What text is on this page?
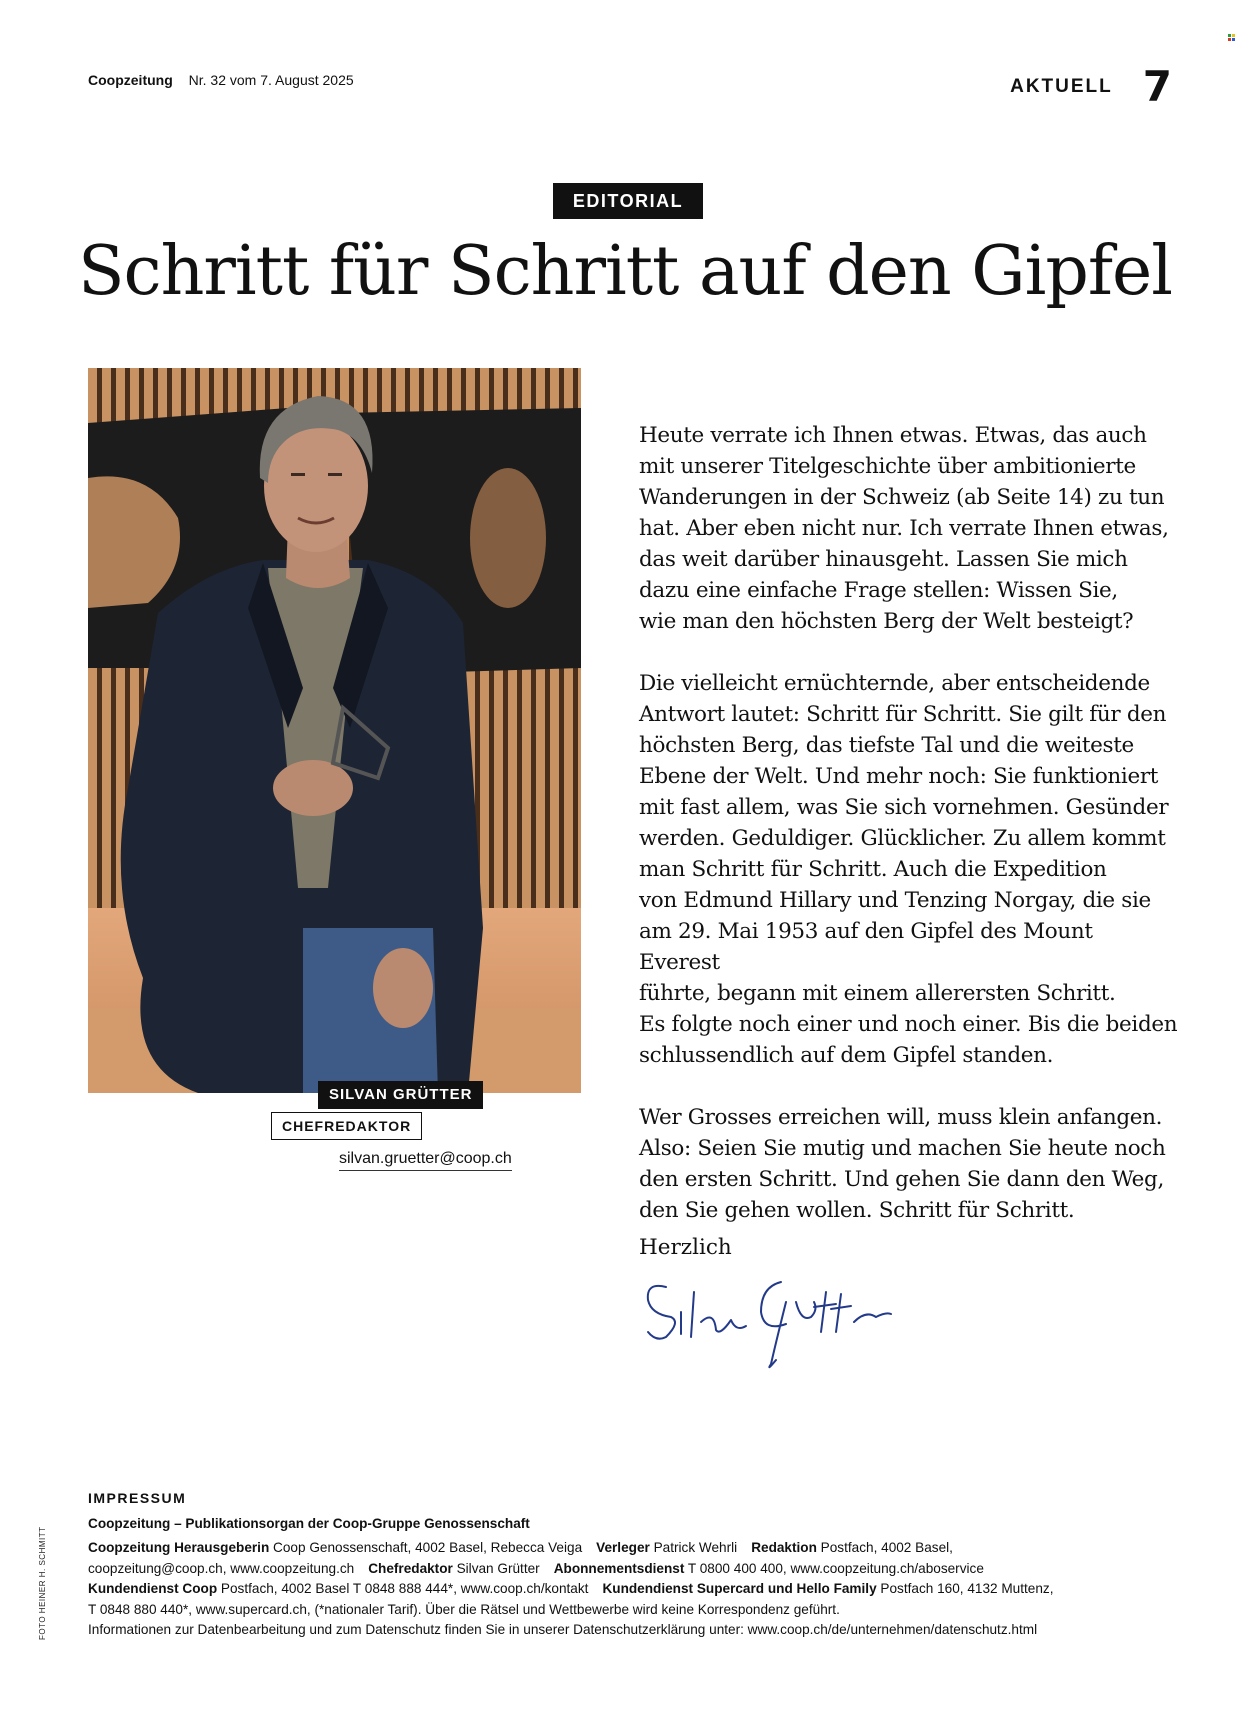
Coopzeitung Nr. 32 vom 7. August 2025	AKTUELL 7
EDITORIAL
Schritt für Schritt auf den Gipfel
SILVAN GRÜTTER
CHEFREDAKTOR
silvan.gruetter@coop.ch

Heute verrate ich Ihnen etwas. Etwas, das auch
mit unserer Titelgeschichte über ambitionierte
Wanderungen in der Schweiz (ab Seite 14) zu tun
hat. Aber eben nicht nur. Ich verrate Ihnen etwas,
das weit darüber hinausgeht. Lassen Sie mich
dazu eine einfache Frage stellen: Wissen Sie,
wie man den höchsten Berg der Welt besteigt?

Die vielleicht ernüchternde, aber entscheidende
Antwort lautet: Schritt für Schritt. Sie gilt für den
höchsten Berg, das tiefste Tal und die weiteste
Ebene der Welt. Und mehr noch: Sie funktioniert
mit fast allem, was Sie sich vornehmen. Gesünder
werden. Geduldiger. Glücklicher. Zu allem kommt
man Schritt für Schritt. Auch die Expedition
von Edmund Hillary und Tenzing Norgay, die sie
am 29. Mai 1953 auf den Gipfel des Mount Everest
führte, begann mit einem allerersten Schritt.
Es folgte noch einer und noch einer. Bis die beiden
schlussendlich auf dem Gipfel standen.

Wer Grosses erreichen will, muss klein anfangen.
Also: Seien Sie mutig und machen Sie heute noch
den ersten Schritt. Und gehen Sie dann den Weg,
den Sie gehen wollen. Schritt für Schritt.

Herzlich
FOTO HEINER H. SCHMITT
IMPRESSUM
Coopzeitung – Publikationsorgan der Coop-Gruppe Genossenschaft
Coopzeitung Herausgeberin Coop Genossenschaft, 4002 Basel, Rebecca Veiga Verleger Patrick Wehrli Redaktion Postfach, 4002 Basel,
coopzeitung@coop.ch, www.coopzeitung.ch Chefredaktor Silvan Grütter Abonnementsdienst T 0800 400 400, www.coopzeitung.ch/aboservice
Kundendienst Coop Postfach, 4002 Basel T 0848 888 444*, www.coop.ch/kontakt Kundendienst Supercard und Hello Family Postfach 160, 4132 Muttenz,
T 0848 880 440*, www.supercard.ch, (*nationaler Tarif). Über die Rätsel und Wettbewerbe wird keine Korrespondenz geführt.
Informationen zur Datenbearbeitung und zum Datenschutz finden Sie in unserer Datenschutzerklärung unter: www.coop.ch/de/unternehmen/datenschutz.html
